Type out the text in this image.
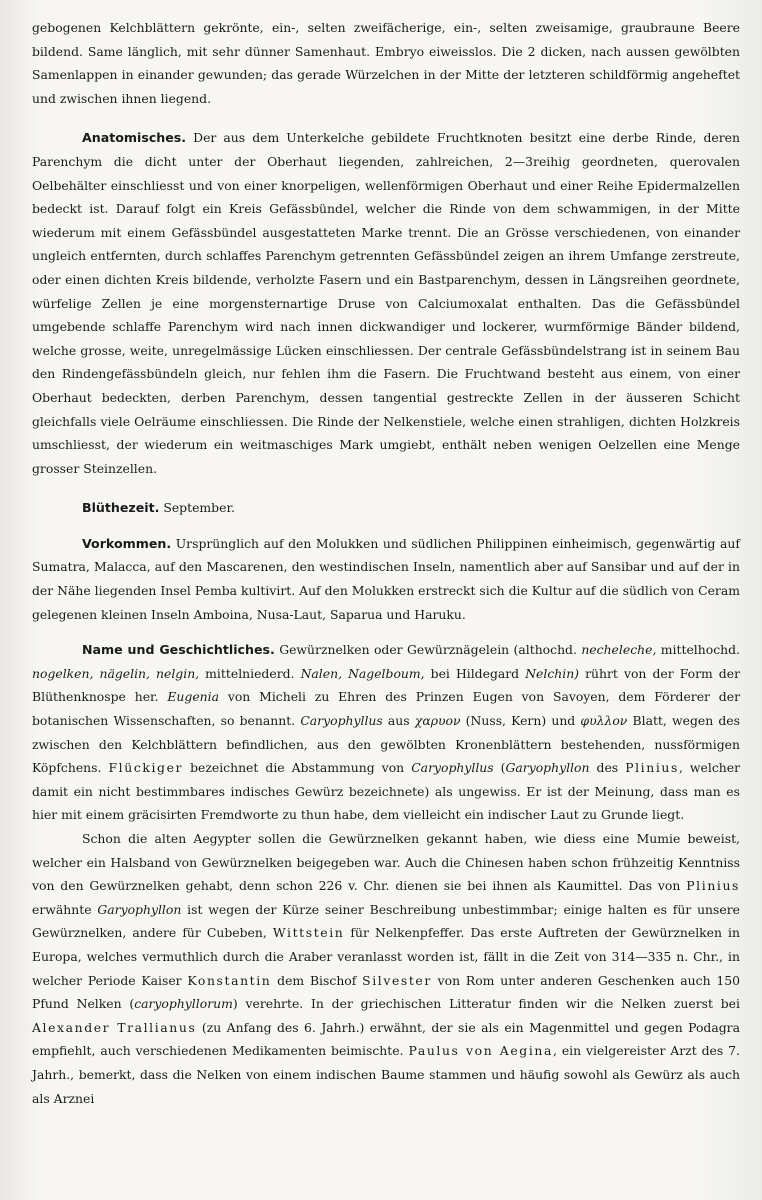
gebogenen Kelchblättern gekrönte, ein-, selten zweifächerige, ein-, selten zweisamige, graubraune Beere bildend. Same länglich, mit sehr dünner Samenhaut. Embryo eiweisslos. Die 2 dicken, nach aussen gewölbten Samenlappen in einander gewunden; das gerade Würzelchen in der Mitte der letzteren schildförmig angeheftet und zwischen ihnen liegend.

Anatomisches. Der aus dem Unterkelche gebildete Fruchtknoten besitzt eine derbe Rinde, deren Parenchym die dicht unter der Oberhaut liegenden, zahlreichen, 2—3reihig geordneten, querovalen Oelbehälter einschliesst und von einer knorpeligen, wellenförmigen Oberhaut und einer Reihe Epidermalzellen bedeckt ist. Darauf folgt ein Kreis Gefässbündel, welcher die Rinde von dem schwammigen, in der Mitte wiederum mit einem Gefässbündel ausgestatteten Marke trennt. Die an Grösse verschiedenen, von einander ungleich entfernten, durch schlaffes Parenchym getrennten Gefässbündel zeigen an ihrem Umfange zerstreute, oder einen dichten Kreis bildende, verholzte Fasern und ein Bastparenchym, dessen in Längsreihen geordnete, würfelige Zellen je eine morgensternartige Druse von Calciumoxalat enthalten. Das die Gefässbündel umgebende schlaffe Parenchym wird nach innen dickwandiger und lockerer, wurmförmige Bänder bildend, welche grosse, weite, unregelmässige Lücken einschliessen. Der centrale Gefässbündelstrang ist in seinem Bau den Rindengefässbündeln gleich, nur fehlen ihm die Fasern. Die Fruchtwand besteht aus einem, von einer Oberhaut bedeckten, derben Parenchym, dessen tangential gestreckte Zellen in der äusseren Schicht gleichfalls viele Oelräume einschliessen. Die Rinde der Nelkenstiele, welche einen strahligen, dichten Holzkreis umschliesst, der wiederum ein weitmaschiges Mark umgiebt, enthält neben wenigen Oelzellen eine Menge grosser Steinzellen.

Blüthezeit. September.

Vorkommen. Ursprünglich auf den Molukken und südlichen Philippinen einheimisch, gegenwärtig auf Sumatra, Malacca, auf den Mascarenen, den westindischen Inseln, namentlich aber auf Sansibar und auf der in der Nähe liegenden Insel Pemba kultivirt. Auf den Molukken erstreckt sich die Kultur auf die südlich von Ceram gelegenen kleinen Inseln Amboina, Nusa-Laut, Saparua und Haruku.

Name und Geschichtliches. Gewürznelken oder Gewürznägelein (althochd. necheleche, mittelhochd. nogelken, nägelin, nelgin, mittelniederd. Nalen, Nagelboum, bei Hildegard Nelchin) rührt von der Form der Blüthenknospe her. Eugenia von Micheli zu Ehren des Prinzen Eugen von Savoyen, dem Förderer der botanischen Wissenschaften, so benannt. Caryophyllus aus χαρυον (Nuss, Kern) und φυλλον Blatt, wegen des zwischen den Kelchblättern befindlichen, aus den gewölbten Kronenblättern bestehenden, nussförmigen Köpfchens. Flückiger bezeichnet die Abstammung von Caryophyllus (Garyophyllon des Plinius, welcher damit ein nicht bestimmbares indisches Gewürz bezeichnete) als ungewiss. Er ist der Meinung, dass man es hier mit einem gräcisirten Fremdworte zu thun habe, dem vielleicht ein indischer Laut zu Grunde liegt.

Schon die alten Aegypter sollen die Gewürznelken gekannt haben, wie diess eine Mumie beweist, welcher ein Halsband von Gewürznelken beigegeben war. Auch die Chinesen haben schon frühzeitig Kenntniss von den Gewürznelken gehabt, denn schon 226 v. Chr. dienen sie bei ihnen als Kaumittel. Das von Plinius erwähnte Garyophyllon ist wegen der Kürze seiner Beschreibung unbestimmbar; einige halten es für unsere Gewürznelken, andere für Cubeben, Wittstein für Nelkenpfeffer. Das erste Auftreten der Gewürznelken in Europa, welches vermuthlich durch die Araber veranlasst worden ist, fällt in die Zeit von 314—335 n. Chr., in welcher Periode Kaiser Konstantin dem Bischof Silvester von Rom unter anderen Geschenken auch 150 Pfund Nelken (caryophyllorum) verehrte. In der griechischen Litteratur finden wir die Nelken zuerst bei Alexander Trallianus (zu Anfang des 6. Jahrh.) erwähnt, der sie als ein Magenmittel und gegen Podagra empfiehlt, auch verschiedenen Medikamenten beimischte. Paulus von Aegina, ein vielgereister Arzt des 7. Jahrh., bemerkt, dass die Nelken von einem indischen Baume stammen und häufig sowohl als Gewürz als auch als Arznei
